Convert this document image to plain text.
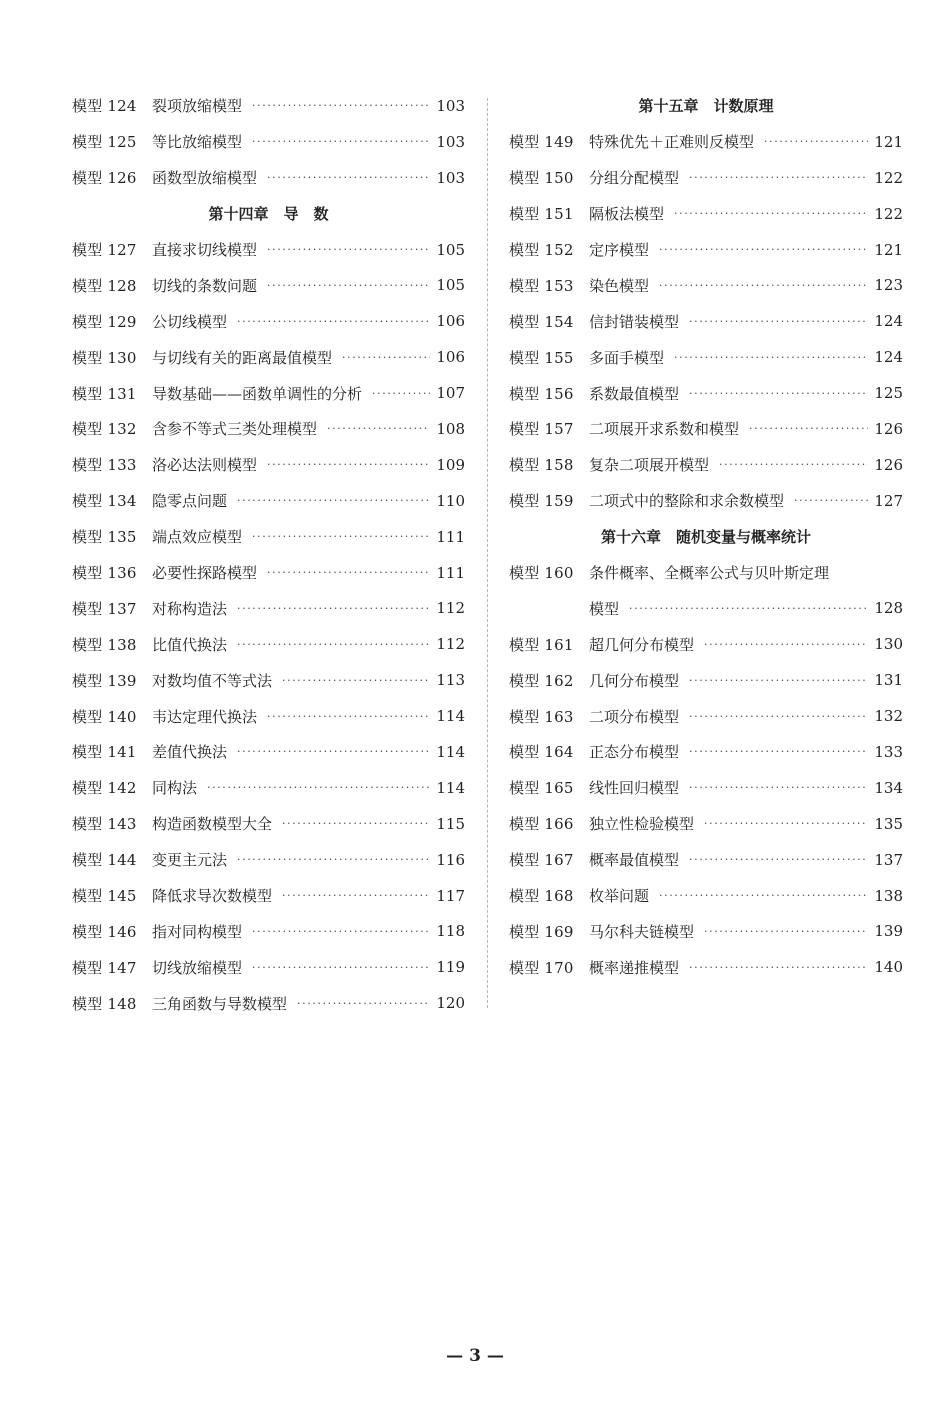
模型 124	裂项放缩模型 ·····	103
模型 125	等比放缩模型 ·····	103
模型 126	函数型放缩模型 ·····	103
第十四章　导　数
模型 127	直接求切线模型 ·····	105
模型 128	切线的条数问题 ·····	105
模型 129	公切线模型 ·····	106
模型 130	与切线有关的距离最值模型 ·····	106
模型 131	导数基础——函数单调性的分析 ·····	107
模型 132	含参不等式三类处理模型 ·····	108
模型 133	洛必达法则模型 ·····	109
模型 134	隐零点问题 ·····	110
模型 135	端点效应模型 ·····	111
模型 136	必要性探路模型 ·····	111
模型 137	对称构造法 ·····	112
模型 138	比值代换法 ·····	112
模型 139	对数均值不等式法 ·····	113
模型 140	韦达定理代换法 ·····	114
模型 141	差值代换法 ·····	114
模型 142	同构法 ·····	114
模型 143	构造函数模型大全 ·····	115
模型 144	变更主元法 ·····	116
模型 145	降低求导次数模型 ·····	117
模型 146	指对同构模型 ·····	118
模型 147	切线放缩模型 ·····	119
模型 148	三角函数与导数模型 ·····	120
第十五章　计数原理
模型 149	特殊优先＋正难则反模型 ·····	121
模型 150	分组分配模型 ·····	122
模型 151	隔板法模型 ·····	122
模型 152	定序模型 ·····	121
模型 153	染色模型 ·····	123
模型 154	信封错装模型 ·····	124
模型 155	多面手模型 ·····	124
模型 156	系数最值模型 ·····	125
模型 157	二项展开求系数和模型 ·····	126
模型 158	复杂二项展开模型 ·····	126
模型 159	二项式中的整除和求余数模型 ·····	127
第十六章　随机变量与概率统计
模型 160	条件概率、全概率公式与贝叶斯定理
模型 ·····	128
模型 161	超几何分布模型 ·····	130
模型 162	几何分布模型 ·····	131
模型 163	二项分布模型 ·····	132
模型 164	正态分布模型 ·····	133
模型 165	线性回归模型 ·····	134
模型 166	独立性检验模型 ·····	135
模型 167	概率最值模型 ·····	137
模型 168	枚举问题 ·····	138
模型 169	马尔科夫链模型 ·····	139
模型 170	概率递推模型 ·····	140
— 3 —
